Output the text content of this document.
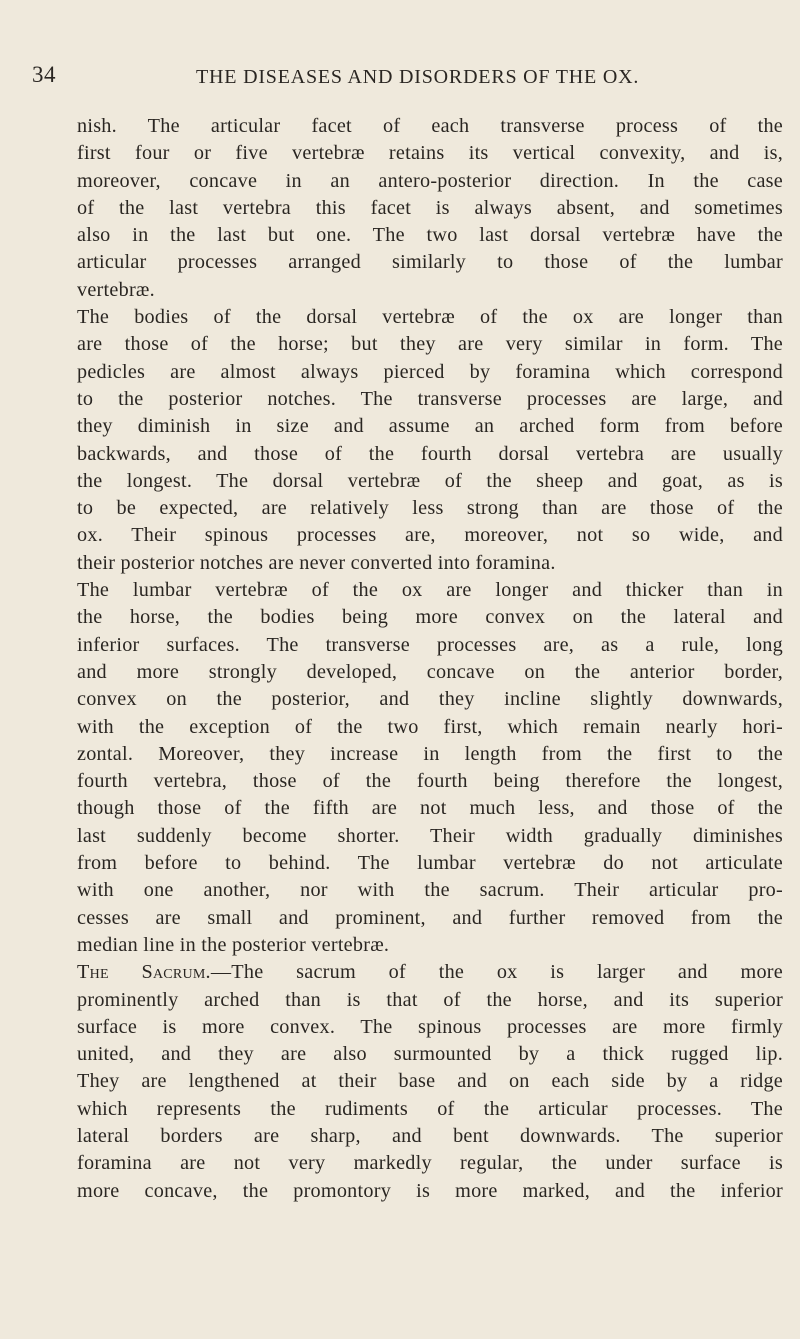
34	THE DISEASES AND DISORDERS OF THE OX.

nish. The articular facet of each transverse process of the

first four or five vertebræ retains its vertical convexity, and is,

moreover, concave in an antero-posterior direction. In the case

of the last vertebra this facet is always absent, and sometimes

also in the last but one. The two last dorsal vertebræ have the

articular processes arranged similarly to those of the lumbar

vertebræ.

The bodies of the dorsal vertebræ of the ox are longer than

are those of the horse; but they are very similar in form. The

pedicles are almost always pierced by foramina which correspond

to the posterior notches. The transverse processes are large, and

they diminish in size and assume an arched form from before

backwards, and those of the fourth dorsal vertebra are usually

the longest. The dorsal vertebræ of the sheep and goat, as is

to be expected, are relatively less strong than are those of the

ox. Their spinous processes are, moreover, not so wide, and

their posterior notches are never converted into foramina.

The lumbar vertebræ of the ox are longer and thicker than in

the horse, the bodies being more convex on the lateral and

inferior surfaces. The transverse processes are, as a rule, long

and more strongly developed, concave on the anterior border,

convex on the posterior, and they incline slightly downwards,

with the exception of the two first, which remain nearly hori-

zontal. Moreover, they increase in length from the first to the

fourth vertebra, those of the fourth being therefore the longest,

though those of the fifth are not much less, and those of the

last suddenly become shorter. Their width gradually diminishes

from before to behind. The lumbar vertebræ do not articulate

with one another, nor with the sacrum. Their articular pro-

cesses are small and prominent, and further removed from the

median line in the posterior vertebræ.

The Sacrum.—The sacrum of the ox is larger and more

prominently arched than is that of the horse, and its superior

surface is more convex. The spinous processes are more firmly

united, and they are also surmounted by a thick rugged lip.

They are lengthened at their base and on each side by a ridge

which represents the rudiments of the articular processes. The

lateral borders are sharp, and bent downwards. The superior

foramina are not very markedly regular, the under surface is

more concave, the promontory is more marked, and the inferior
